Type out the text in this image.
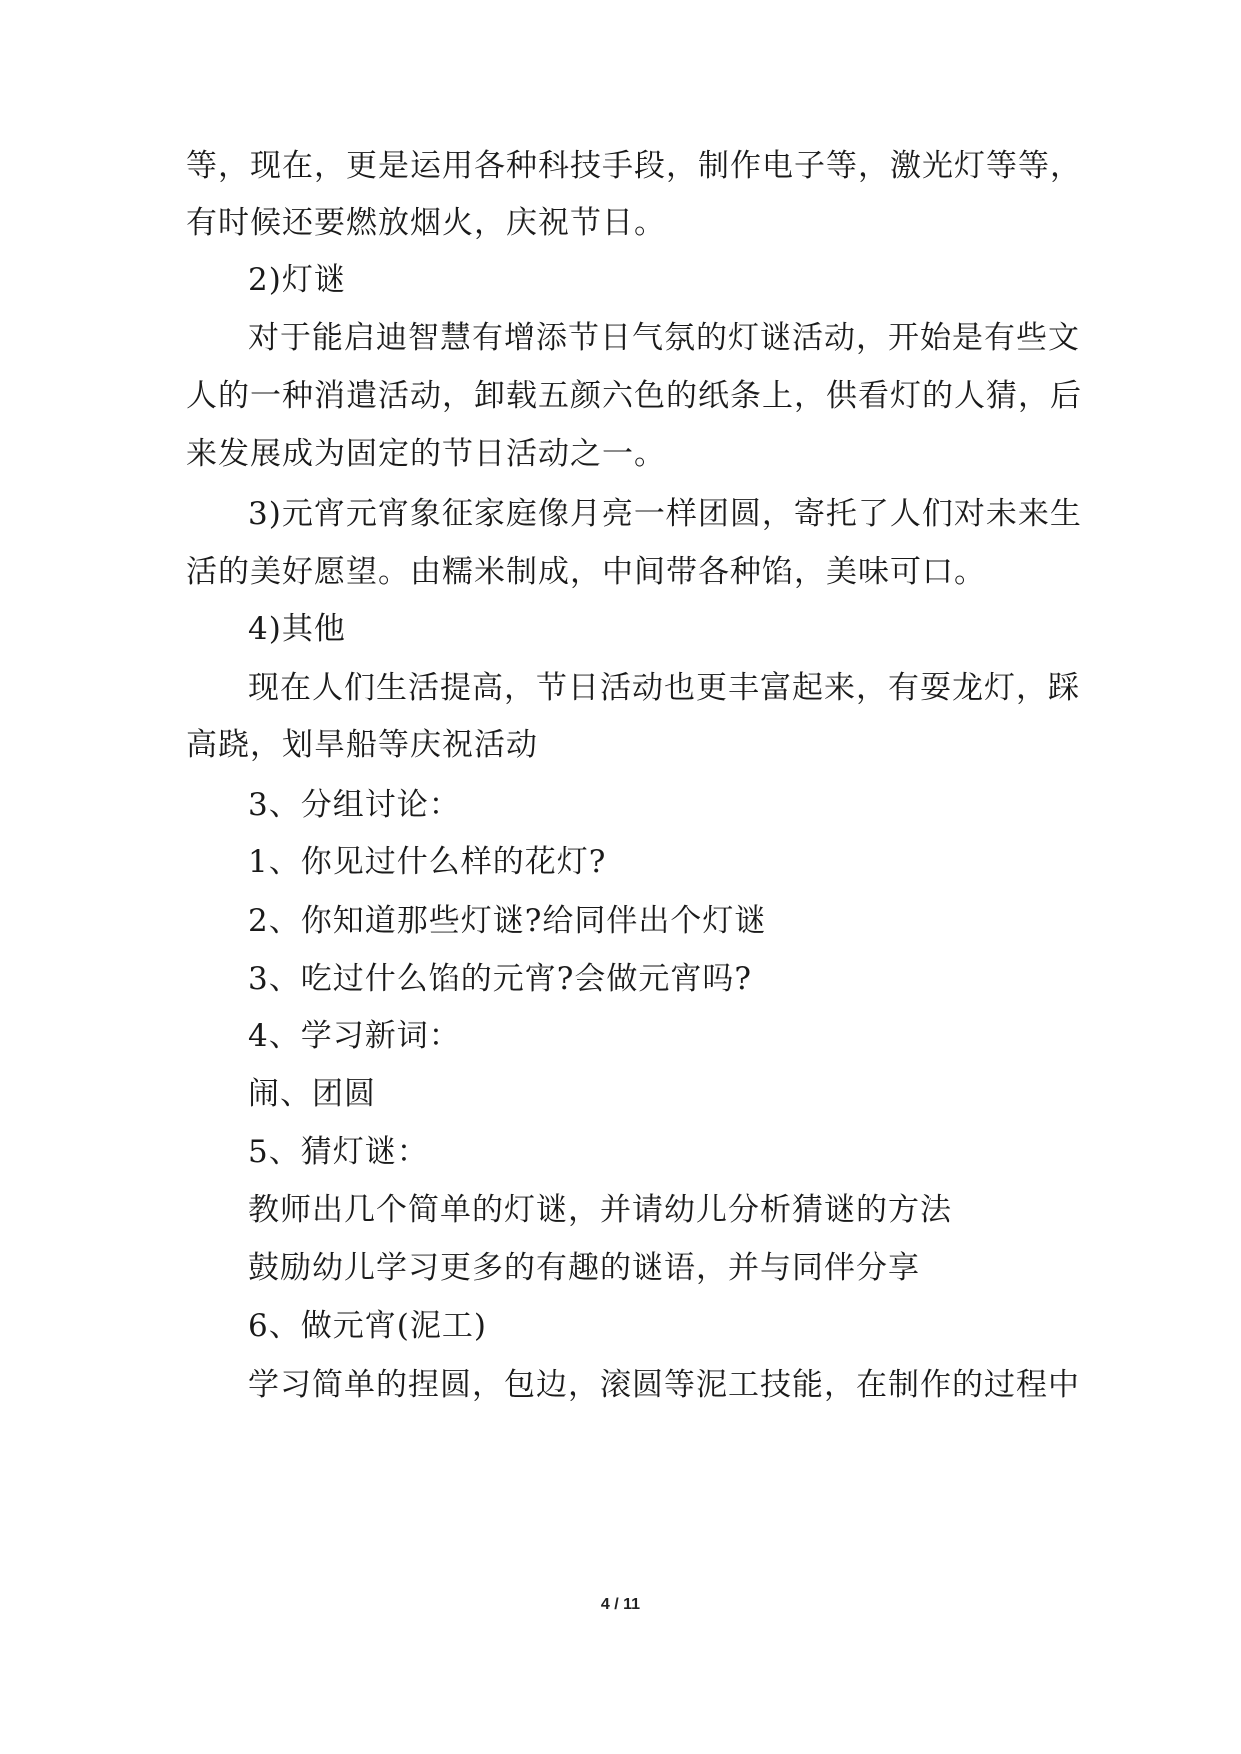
等，现在，更是运用各种科技手段，制作电子等，激光灯等等，
有时候还要燃放烟火，庆祝节日。
2)灯谜
对于能启迪智慧有增添节日气氛的灯谜活动，开始是有些文
人的一种消遣活动，卸载五颜六色的纸条上，供看灯的人猜，后
来发展成为固定的节日活动之一。
3)元宵元宵象征家庭像月亮一样团圆，寄托了人们对未来生
活的美好愿望。由糯米制成，中间带各种馅，美味可口。
4)其他
现在人们生活提高，节日活动也更丰富起来，有耍龙灯，踩
高跷，划旱船等庆祝活动
3、分组讨论：
1、你见过什么样的花灯?
2、你知道那些灯谜?给同伴出个灯谜
3、吃过什么馅的元宵?会做元宵吗?
4、学习新词：
闹、团圆
5、猜灯谜：
教师出几个简单的灯谜，并请幼儿分析猜谜的方法
鼓励幼儿学习更多的有趣的谜语，并与同伴分享
6、做元宵(泥工)
学习简单的捏圆，包边，滚圆等泥工技能，在制作的过程中
4 / 11
